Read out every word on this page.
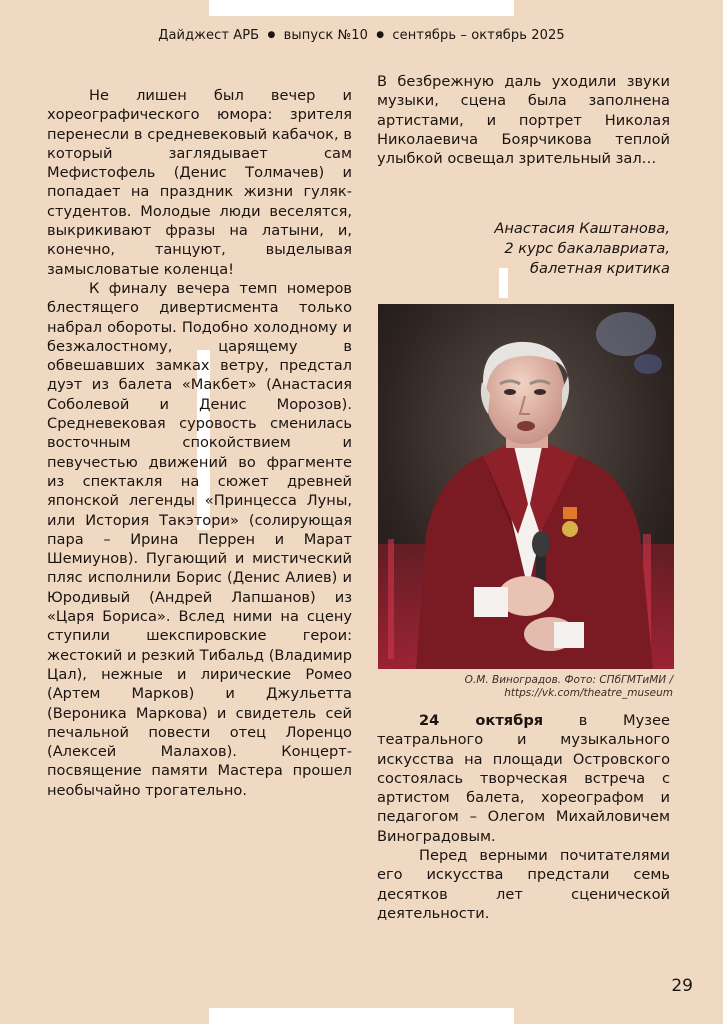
Дайджест АРБ ● выпуск №10 ● сентябрь – октябрь 2025

Не лишен был вечер и хореографического юмора: зрителя перенесли в средневековый кабачок, в который заглядывает сам Мефистофель (Денис Толмачев) и попадает на праздник жизни гуляк-студентов. Молодые люди веселятся, выкрикивают фразы на латыни, и, конечно, танцуют, выделывая замысловатые коленца!

К финалу вечера темп номеров блестящего дивертисмента только набрал обороты. Подобно холодному и безжалостному, царящему в обвешавших замках ветру, предстал дуэт из балета «Макбет» (Анастасия Соболевой и Денис Морозов). Средневековая суровость сменилась восточным спокойствием и певучестью движений во фрагменте из спектакля на сюжет древней японской легенды «Принцесса Луны, или История Такэтори» (солирующая пара – Ирина Перрен и Марат Шемиунов). Пугающий и мистический пляс исполнили Борис (Денис Алиев) и Юродивый (Андрей Лапшанов) из «Царя Бориса». Вслед ними на сцену ступили шекспировские герои: жестокий и резкий Тибальд (Владимир Цал), нежные и лирические Ромео (Артем Марков) и Джульетта (Вероника Маркова) и свидетель сей печальной повести отец Лоренцо (Алексей Малахов). Концерт-посвящение памяти Мастера прошел необычайно трогательно.

В безбрежную даль уходили звуки музыки, сцена была заполнена артистами, и портрет Николая Николаевича Боярчикова теплой улыбкой освещал зрительный зал…

Анастасия Каштанова,
2 курс бакалавриата,
балетная критика
О.М. Виноградов. Фото: СПбГМТиМИ /
https://vk.com/theatre_museum

24 октября в Музее театрального и музыкального искусства на площади Островского состоялась творческая встреча с артистом балета, хореографом и педагогом – Олегом Михайловичем Виноградовым.

Перед верными почитателями его искусства предстали семь десятков лет сценической деятельности.

29
